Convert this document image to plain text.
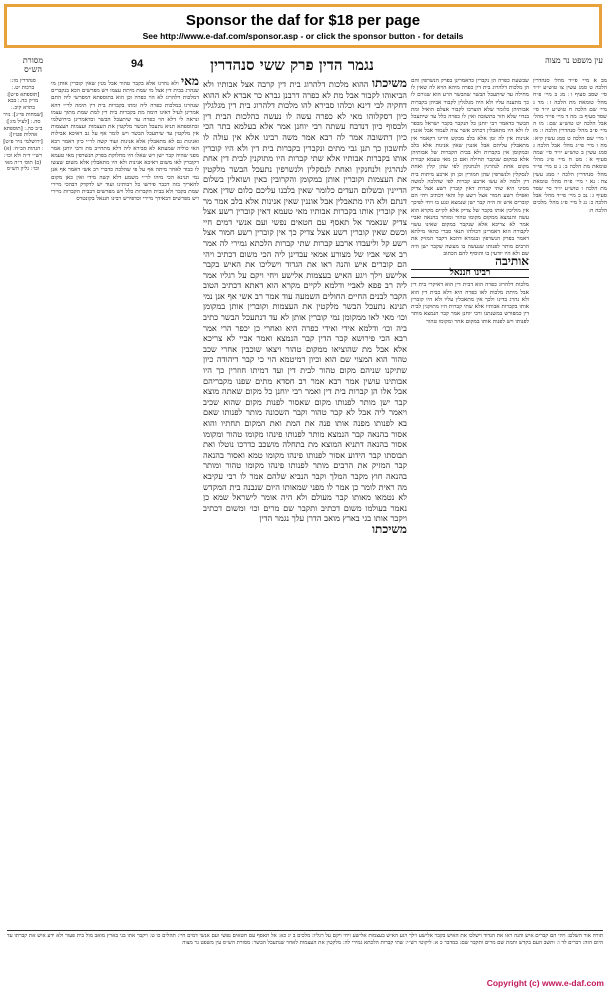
Sponsor the daf for $18 per page
See http://www.e-daf.com/sponsor.asp - or click the sponsor button - for details
עין משפט נר מצוה
נגמר הדין פרק ששי סנהדרין
94
מסורת הש״ס
מב א מיי׳ פי״ד מהל׳ סנהדרין הלכה ט סמג עשין צו טוש״ע יו״ד סי׳ שסב סעיף ו ׃ מג ב מיי׳ פ״ח מהל׳ טומאת מת הלכה ז ׃ מד ג מיי׳ שם הלכה ח טוש״ע יו״ד סי׳ שסד סעיף ב ׃ מה ד מיי׳ פי״ד מהל׳ אבל הלכה יט טוש״ע שם ׃ מו ה מיי׳ פ״ב מהל׳ סנהדרין הלכה ו ׃ מז ו מיי׳ שם הלכה ט סמג עשין קיא ׃ מח ז מיי׳ פי״ג מהל׳ אבל הלכה ג סמג עשין ב טוש״ע יו״ד סי׳ שמה סעיף א ׃ מט ח מיי׳ פ״ג מהל׳ טומאת מת הלכה ב ׃ נ ט מיי׳ פי״ד מהל׳ סנהדרין הלכה י סמג עשין צח ׃ נא י מיי׳ פ״ח מהל׳ טומאת מת הלכה ו טוש״ע יו״ד סי׳ שסד סעיף ג ׃ נב כ מיי׳ פי״ד מהל׳ אבל הלכה כ ׃ נג ל מיי׳ פ״ג מהל׳ מלכים הלכה ח ׃
שבשעת כפרה הן נקברין כדאמרינן בפרק הנשרפין והם הן מלכות דלהרוג בית דין כפרה מיהא הויא לה שאין לו מחילה עד שיתעכל הבשר שהבשר הרע הוא שגורם לו כך מתענה עליו ולא היה מגלגלין לקבור אביהן בקברות אבותיהן כלומר שלא הוצרכו לקבור אצלם הואיל ומת בנדוי שלא חזר בתשובה ואין לו כפרה כלל עד שיתעכל הבשר כדאמר רבי יוחנן כל הנקבר בקבר ישראל מכפר לו ולא היו מתאבלין דכתיב אשר צוה לעמוד אבל אוננין אנינות אין לה זמן אלא בלב מבקש והיינו דקאמר אין מתאבלין עליהם אבל אוננין שאין אנינות אלא בלב ובמקומן אין בקברות ולא בבית הקברות של אבותיהן אלא במקום שנקבר תחילה ואם כן מאי טעמא קבורת מקום אחת לנהרגין ולנחנקין לפי שהן קלין ואחת לנסקלין ולנשרפין שהן חמורין וכן הן ארבע מיתות בית דין ולמה לא עשו ארבע קברות לפי שהלכה למשה מסיני היא שתי קברות דאין קוברין רשע אצל צדיק ואפילו רשע חמור אצל רשע קל והאי דכתיב ויהי הם קוברים איש זה היה קבר ישן שנמצא ונגע בו ויחי לפיכך אין מוליכין אותו בקבר של צדיק אלא לקיים מקרא הוא עשה והנמצא ממקום מקומו טהור ומותר בהנאה ואביי אמר לא צריכא אלא שנקבר במקום שאינו עשוי לקבורה הוא דאמרינן דכולהו תנאי סברי כהאי מילתא דאמר בפרק הנשרפין ובגמרא דהכא דקבר המזיק את הרבים מותר לפנותו שנעשה בו מעשה שקבר ישן היה שם ולא היו יודעין בו והוסיף להם הכתוב
אותיבה
רבינו חננאל
מלכות דלהרוג כפרה הוא דבית דין הוא דאיקרי בית דין אבל מיתת מלכות לאו כפרה היא דלא כבית דין הוא ולא נהרג בדינו ולכך אין מתאבלין עליו ולא היו קוברין אותו בקברות אבותיו אלא שתי קברות היו מתוקנין לבית דין כמפורש במשנתנו ורבי יוחנן אמר קבר הנמצא מותר לפנותו ויש לפנות אותו במקום אחר ומקומו טהור
משיכתו ההוא מלכות דלהרוג בית דין קרבה אצל אבותיו ולא הביאוהו לקבור אבל מת לא כפרה דרבנן גברא כר אברא לא ההוא דחקיה לבי דינא וכלהו סבירא להו מלכות דלהרוג בית דין מגלגלין כיון דסקלוהו מאי לא כפרה עשה לו נעשה כהלכות הבית דין ולבסוף כיון דנדבח עשתה רבי יוחנן אמר אלא בעלמא בתר הכי כיון דתשובה אמר לה רבא אמר משה רבינו אלא אין עולה לו לחשבון כך תנן גבי מתים ונקברין בקברות בית דין ולא היו קוברין אותו בקברות אבותיו אלא שתי קברות היו מתוקנין לבית דין אחת לנהרגין ולנחנקין ואחת לנסקלין ולנשרפין נתעכל הבשר מלקטין את העצמות וקוברין אותן במקומן והקרובין באין ושואלין בשלום הדיינין ובשלום העדים כלומר שאין בלבנו עליכם כלום שדין אמת דנתם ולא היו מתאבלין אבל אוננין שאין אנינות אלא בלב אמר מר אין קוברין אותו בקברות אבותיו מאי טעמא דאין קוברין רשע אצל צדיק שנאמר אל תאסף עם חטאים נפשי ועם אנשי דמים חיי וכשם שאין קוברין רשע אצל צדיק כך אין קוברין רשע חמור אצל רשע קל וליעבדו ארבע קברות שתי קברות הלכתא גמירי לה אמר רב אשי אביו של מצורע אמאי עבדינן ליה הכי משום דכתיב ויהי הם קוברים איש והנה ראו את הגדוד וישליכו את האיש בקבר אלישע וילך ויגע האיש בעצמות אלישע ויחי ויקם על רגליו אמר ליה רב פפא לאביי ודלמא לקיים מקרא הוא דאתא דכתיב הטוב הקבר לבנים החיים החולים השמעה עוד אמר רב אשי אף אנן נמי תנינא נתעכל הבשר מלקטין את העצמות וקוברין אותן במקומן וכו׳ מאי לאו ממקומן נמי קוברין אותן לא עד דנתעכל הבשר כתיב ביה וכו׳ ודלמא אידי ואידי כפרה היא ואחרי כן יכפר הרי אמר רבא הכי פירושא קבר הדין קבר הנמצא ואמר אביי לא צריכא אלא אבל מת שהוציאו ממקום טהור ויצאו שוכבין אחרי שכב טהור הוא המצוי שם הוא וכיון דמיטמא הוי כי קבר דיהודה כיון שתיקנו שניהם מקום טהור לבית דין ועד דמיתו חוזרין כך היו אבותינו עושין אמר רבא אמר רב חסדא מתים שפנו מקבריהם אבל אלו הן קברות בית דין ואמר רבי יוחנן כל מקום שאתה מוצא קבר ישן מותר לפנותו מקום שאסור לפנות מקום שהוא שכיב ויאמר ליה אבל לא קבר טהור וקבר השכונה מותר לפנותו שאם בא לפנותו מפנה אותו פנה את המת ואת המקום תחתיו והוא אסור בהנאה קבר הנמצא מותר לפנותו פינהו מקומו טהור ומקומו אסור בהנאה דתניא המוצא מת בתחלה מושכב כדרכו נוטלו ואת תבוסתו קבר הידוע אסור לפנותו פינהו מקומו טמא ואסור בהנאה קבר המזיק את הרבים מותר לפנותו פינהו מקומו טהור ומותר בהנאה חוץ מקבר המלך וקבר הנביא שלהם אמר לו רבי עקיבא מה ראית לומר כן אמר לו מפני שמאותו היום שנבנה בית המקדש לא נטמאו מאותו קבר מעולם ולא היה אומר לישראל שמא כן נאמר בעולמו משום דכתיב ותקבר שם מרים וכו׳ ומשום דכתיב ויקבר אותו בגי בארץ מואב הדרן עלך נגמר הדין
משיכתו
מאי ולא נהרגו אלא בקבר טהור אבל מנין שאין קוברין אותן מי שנהרג בבית דין אצל מי שמת מיתת עצמו ויש מפרשים הכא בנקברים דמלכות דלהרוג לא הוי כפרה וכן הוא בתוספתא דמפרשי ליה התם שנהרגו במלכות כפרה ליה ומתו בקברות בית דין תימה לר״י דהא אמרינן לעיל דאינו דומה מת בקברות בית דין למת שמת מתוך עצמו ונראה לי דלא הוי כפרה עד שיתעכל הבשר וכדאמרינן בירושלמי ובתוספתא תניא נתעכל הבשר מלקטין את העצמות ועצמות העצמות אין מלקטין עד שיתעכל הבשר ויש לומר אף על גב דאיכא אבילות ואנינות גם לא מתאבלין אלא אנינות ועוד קשה לר״י כיון דאמר רבא האי כוליה שמעתא לא סבירא ליה דלא מתחייב מת ורבי יוחנן אמר מפני שהיה קבר ישן ויש שאלו היו מחלוקת בפרק הנשרפין מאי טעמא דקוברין לאו משום דאיכא אנינות ולא היו מתאבלין אלא משום שעשו לו כבוד לאחר מיתה אף על פי שהלכה כדברי רב אשי דאמר אף אנן נמי תנינא הכי מיהו לר״י משמע דלא קשה מידי ואין כאן מקום להאריך בזה דכבר פירשו כל רבותינו ועוד יש לדקדק דבהכי מיירי שמת בקבר ולא בבית הקברות כלל ויש מפרשים דבבית הקברות מיירי ויש מפרשים דבאידך מיירי וכדפירש רבינו חננאל בקונטרס
סנהדרין מו: ׃ ברכות יט. ׃ [תוספתא פ״ט] ׃ מו״ק כה. ׃ בבא בתרא קיב. ׃ [שמחות פי״ג] ׃ נזיר סה. ׃ [לעיל מז:] ׃ ב״ב כה. ׃ [תוספתא אהלות פט״ז] ׃ [ירושלמי נזיר פ״ט] ׃ הגהות הב״ח ׃ (א) רש״י ד״ה ולא וכו׳ ׃ (ב) תוס׳ ד״ה מאי וכו׳ ׃ גליון הש״ס
תורה אור השלם: ויהי הם קברים איש והנה ראו את הגדוד וישלכו את האיש בקבר אלישע וילך ויגע האיש בעצמות אלישע ויחי ויקם על רגליו: מלכים ב יג כא ׃ אל תאסף עם חטאים נפשי ועם אנשי דמים חיי: תהלים כו ט ׃ ויקבר אתו בגי בארץ מואב מול בית פעור ולא ידע איש את קברתו עד היום הזה: דברים לד ו ׃ ותשב העם בקדש ותמת שם מרים ותקבר שם: במדבר כ א ׃ ליקוטי רש״י: שתי קברות הלכתא גמירי לה ׃ מלקטין את העצמות לאחר שנתעכל הבשר ׃ מסורת הש״ס עין משפט נר מצוה
Copyright (c) www.e-daf.com
